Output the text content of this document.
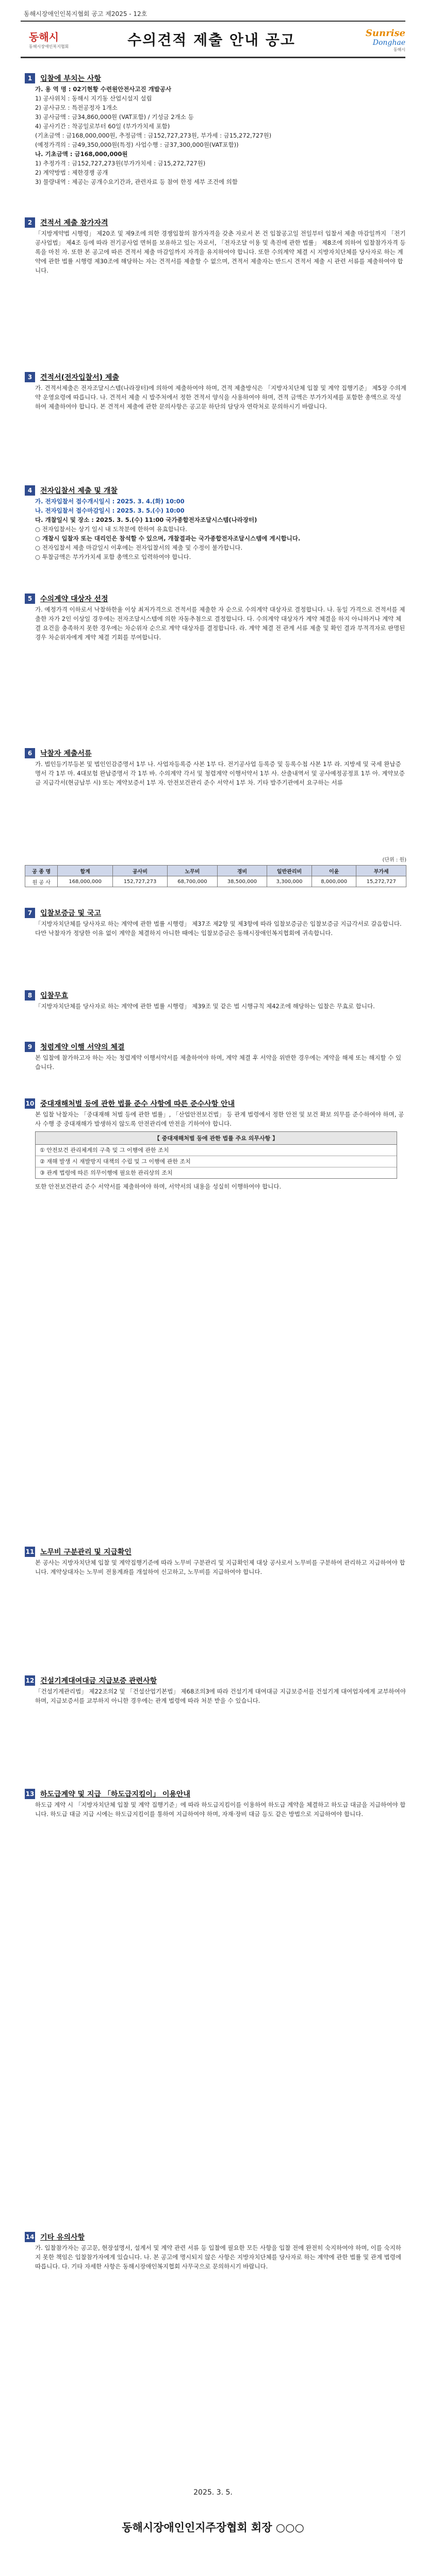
동해시장애인인복지협회 공고 제2025 - 12호
동해시
동해시장애인복지협회	수의견적 제출 안내 공고	Sunrise
Donghae
동해시
1	입찰에 부치는 사항
가. 용 역 명 : 02기현황 수련원안전사고진 개발공사
1) 공사위치 : 동해시 지기동 산업시설지 설립
2) 공사규모 : 특전공정자 1개소
3) 공사금액 : 금34,860,000원 (VAT포함) / 기성금 2개소 등
4) 공사기간 : 착공일로부터 60일 (부가가치세 포함)
(기초금액 : 금168,000,000원, 추정금액 : 금152,727,273원, 부가세 : 금15,272,727원)
(예정가격의 : 금49,350,000원(특정) 사업수행 : 금37,300,000원(VAT포함))
나. 기초금액 : 금168,000,000원
1) 추정가격 : 금152,727,273원(부가가치세 : 금15,272,727원)
2) 계약방법 : 제한경쟁 공개
3) 물량내역 : 제공는 공개수요기간과, 관련자료 등 참여 한정 세부 조건에 의함
2	견적서 제출 참가자격
「지방계약법 시행령」 제20조 및 제9조에 의한 경쟁입찰의 참가자격을 갖춘 자로서 본 건 입찰공고일 전일부터 입찰서 제출 마감일까지 「전기공사업법」 제4조 등에 따라 전기공사업 면허를 보유하고 있는 자로서, 「전자조달 이용 및 촉진에 관한 법률」 제8조에 의하여 입찰참가자격 등록을 마친 자. 또한 본 공고에 따른 견적서 제출 마감일까지 자격을 유지하여야 합니다. 또한 수의계약 체결 시 지방자치단체를 당사자로 하는 계약에 관한 법률 시행령 제30조에 해당하는 자는 견적서를 제출할 수 없으며, 견적서 제출자는 반드시 견적서 제출 시 관련 서류를 제출하여야 합니다.
3	견적서(전자입찰서) 제출
가. 견적서제출은 전자조달시스템(나라장터)에 의하여 제출하여야 하며, 견적 제출방식은 「지방자치단체 입찰 및 계약 집행기준」 제5장 수의계약 운영요령에 따릅니다. 나. 견적서 제출 시 발주처에서 정한 견적서 양식을 사용하여야 하며, 견적 금액은 부가가치세를 포함한 총액으로 작성하여 제출하여야 합니다. 본 견적서 제출에 관한 문의사항은 공고문 하단의 담당자 연락처로 문의하시기 바랍니다.
4	전자입찰서 제출 및 개찰
가. 전자입찰서 접수개시일시 : 2025. 3. 4.(화) 10:00
나. 전자입찰서 접수마감일시 : 2025. 3. 5.(수) 10:00
다. 개찰일시 및 장소 : 2025. 3. 5.(수) 11:00 국가종합전자조달시스템(나라장터)
○ 전자입찰서는 상기 일시 내 도착분에 한하여 유효합니다.
○ 개찰시 입찰자 또는 대리인은 참석할 수 있으며, 개찰결과는 국가종합전자조달시스템에 게시합니다.
○ 전자입찰서 제출 마감일시 이후에는 전자입찰서의 제출 및 수정이 불가합니다.
○ 투찰금액은 부가가치세 포함 총액으로 입력하여야 합니다.
5	수의계약 대상자 선정
가. 예정가격 이하로서 낙찰하한율 이상 최저가격으로 견적서를 제출한 자 순으로 수의계약 대상자로 결정합니다. 나. 동일 가격으로 견적서를 제출한 자가 2인 이상일 경우에는 전자조달시스템에 의한 자동추첨으로 결정합니다. 다. 수의계약 대상자가 계약 체결을 하지 아니하거나 계약 체결 요건을 충족하지 못한 경우에는 차순위자 순으로 계약 대상자를 결정합니다. 라. 계약 체결 전 관계 서류 제출 및 확인 결과 부적격자로 판명된 경우 차순위자에게 계약 체결 기회를 부여합니다.
6	낙찰자 제출서류
가. 법인등기부등본 및 법인인감증명서 1부 나. 사업자등록증 사본 1부 다. 전기공사업 등록증 및 등록수첩 사본 1부 라. 지방세 및 국세 완납증명서 각 1부 마. 4대보험 완납증명서 각 1부 바. 수의계약 각서 및 청렴계약 이행서약서 1부 사. 산출내역서 및 공사예정공정표 1부 아. 계약보증금 지급각서(현금납부 시) 또는 계약보증서 1부 자. 안전보건관리 준수 서약서 1부 차. 기타 발주기관에서 요구하는 서류
(단위 : 원)
공 종 명	합계	공사비	노무비	경비	일반관리비	이윤	부가세
원 공 사	168,000,000	152,727,273	68,700,000	38,500,000	3,300,000	8,000,000	15,272,727
7	입찰보증금 및 국고
「지방자치단체를 당사자로 하는 계약에 관한 법률 시행령」 제37조 제2항 및 제3항에 따라 입찰보증금은 입찰보증금 지급각서로 갈음합니다. 다만 낙찰자가 정당한 이유 없이 계약을 체결하지 아니한 때에는 입찰보증금은 동해시장애인복지협회에 귀속합니다.
8	입찰무효
「지방자치단체를 당사자로 하는 계약에 관한 법률 시행령」 제39조 및 같은 법 시행규칙 제42조에 해당하는 입찰은 무효로 합니다.
9	청렴계약 이행 서약의 체결
본 입찰에 참가하고자 하는 자는 청렴계약 이행서약서를 제출하여야 하며, 계약 체결 후 서약을 위반한 경우에는 계약을 해제 또는 해지할 수 있습니다.
10 중대재해처벌 등에 관한 법률 준수 사항에 따른 준수사항 안내
본 입찰 낙찰자는 「중대재해 처벌 등에 관한 법률」, 「산업안전보건법」 등 관계 법령에서 정한 안전 및 보건 확보 의무를 준수하여야 하며, 공사 수행 중 중대재해가 발생하지 않도록 안전관리에 만전을 기하여야 합니다.
【 중대재해처벌 등에 관한 법률 주요 의무사항 】
① 안전보건 관리체계의 구축 및 그 이행에 관한 조치
② 재해 발생 시 재발방지 대책의 수립 및 그 이행에 관한 조치
③ 관계 법령에 따른 의무이행에 필요한 관리상의 조치
또한 안전보건관리 준수 서약서를 제출하여야 하며, 서약서의 내용을 성실히 이행하여야 합니다.
11 노무비 구분관리 및 지급확인
본 공사는 지방자치단체 입찰 및 계약집행기준에 따라 노무비 구분관리 및 지급확인제 대상 공사로서 노무비를 구분하여 관리하고 지급하여야 합니다. 계약상대자는 노무비 전용계좌를 개설하여 신고하고, 노무비를 지급하여야 합니다.
12 건설기계대여대금 지급보증 관련사항
「건설기계관리법」 제22조의2 및 「건설산업기본법」 제68조의3에 따라 건설기계 대여대금 지급보증서를 건설기계 대여업자에게 교부하여야 하며, 지급보증서를 교부하지 아니한 경우에는 관계 법령에 따라 처분 받을 수 있습니다.
13 하도급계약 및 지급 「하도급지킴이」 이용안내
하도급 계약 시 「지방자치단체 입찰 및 계약 집행기준」에 따라 하도급지킴이를 이용하여 하도급 계약을 체결하고 하도급 대금을 지급하여야 합니다. 하도급 대금 지급 시에는 하도급지킴이를 통하여 지급하여야 하며, 자재·장비 대금 등도 같은 방법으로 지급하여야 합니다.
14 기타 유의사항
가. 입찰참가자는 공고문, 현장설명서, 설계서 및 계약 관련 서류 등 입찰에 필요한 모든 사항을 입찰 전에 완전히 숙지하여야 하며, 이를 숙지하지 못한 책임은 입찰참가자에게 있습니다. 나. 본 공고에 명시되지 않은 사항은 지방자치단체를 당사자로 하는 계약에 관한 법률 및 관계 법령에 따릅니다. 다. 기타 자세한 사항은 동해시장애인복지협회 사무국으로 문의하시기 바랍니다.
2025. 3. 5.
동해시장애인인지주장협회 회장 ○○○
